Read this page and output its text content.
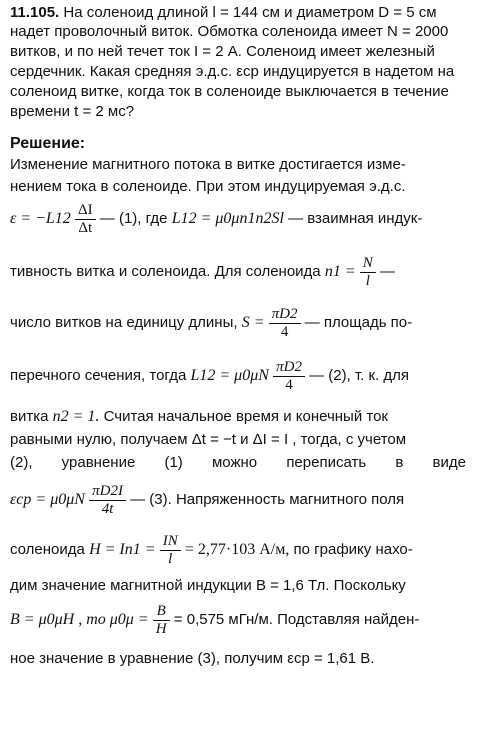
11.105. На соленоид длиной l = 144 см и диаметром D = 5 см
надет проволочный виток. Обмотка соленоида имеет N = 2000
витков, и по ней течет ток I = 2 А. Соленоид имеет железный
сердечник. Какая средняя э.д.с. εср индуцируется в надетом на
соленоид витке, когда ток в соленоиде выключается в течение
времени t = 2 мс?
Решение:
Изменение магнитного потока в витке достигается изме-
нением тока в соленоиде. При этом индуцируемая э.д.с.
$\varepsilon = -L12 \frac{\Delta I}{\Delta t}$ — (1), где L12 = μ0μn1n2Sl — взаимная индук-
тивность витка и соленоида. Для соленоида $n1 = \frac{N}{l}$ —
число витков на единицу длины, $S = \frac{\pi D2}{4}$ — площадь по-
перечного сечения, тогда $L12 = \mu 0\mu N \frac{\pi D2}{4}$ — (2), т. к. для
витка n2 = 1. Считая начальное время и конечный ток
равными нулю, получаем Δt = −t и ΔI = I , тогда, с учетом
(2), уравнение (1) можно переписать в виде
$\varepsilon ср = \mu 0\mu N \frac{\pi D2I}{4t}$ — (3). Напряженность магнитного поля
соленоида $H = In1 = \frac{IN}{l} = 2,77\cdot 103$ А/м, по графику нахо-
дим значение магнитной индукции B = 1,6 Тл. Поскольку
B = μ0μH , то $\mu 0\mu = \frac{B}{H} = 0,575$ мГн/м. Подставляя найден-
ное значение в уравнение (3), получим εср = 1,61 В.
